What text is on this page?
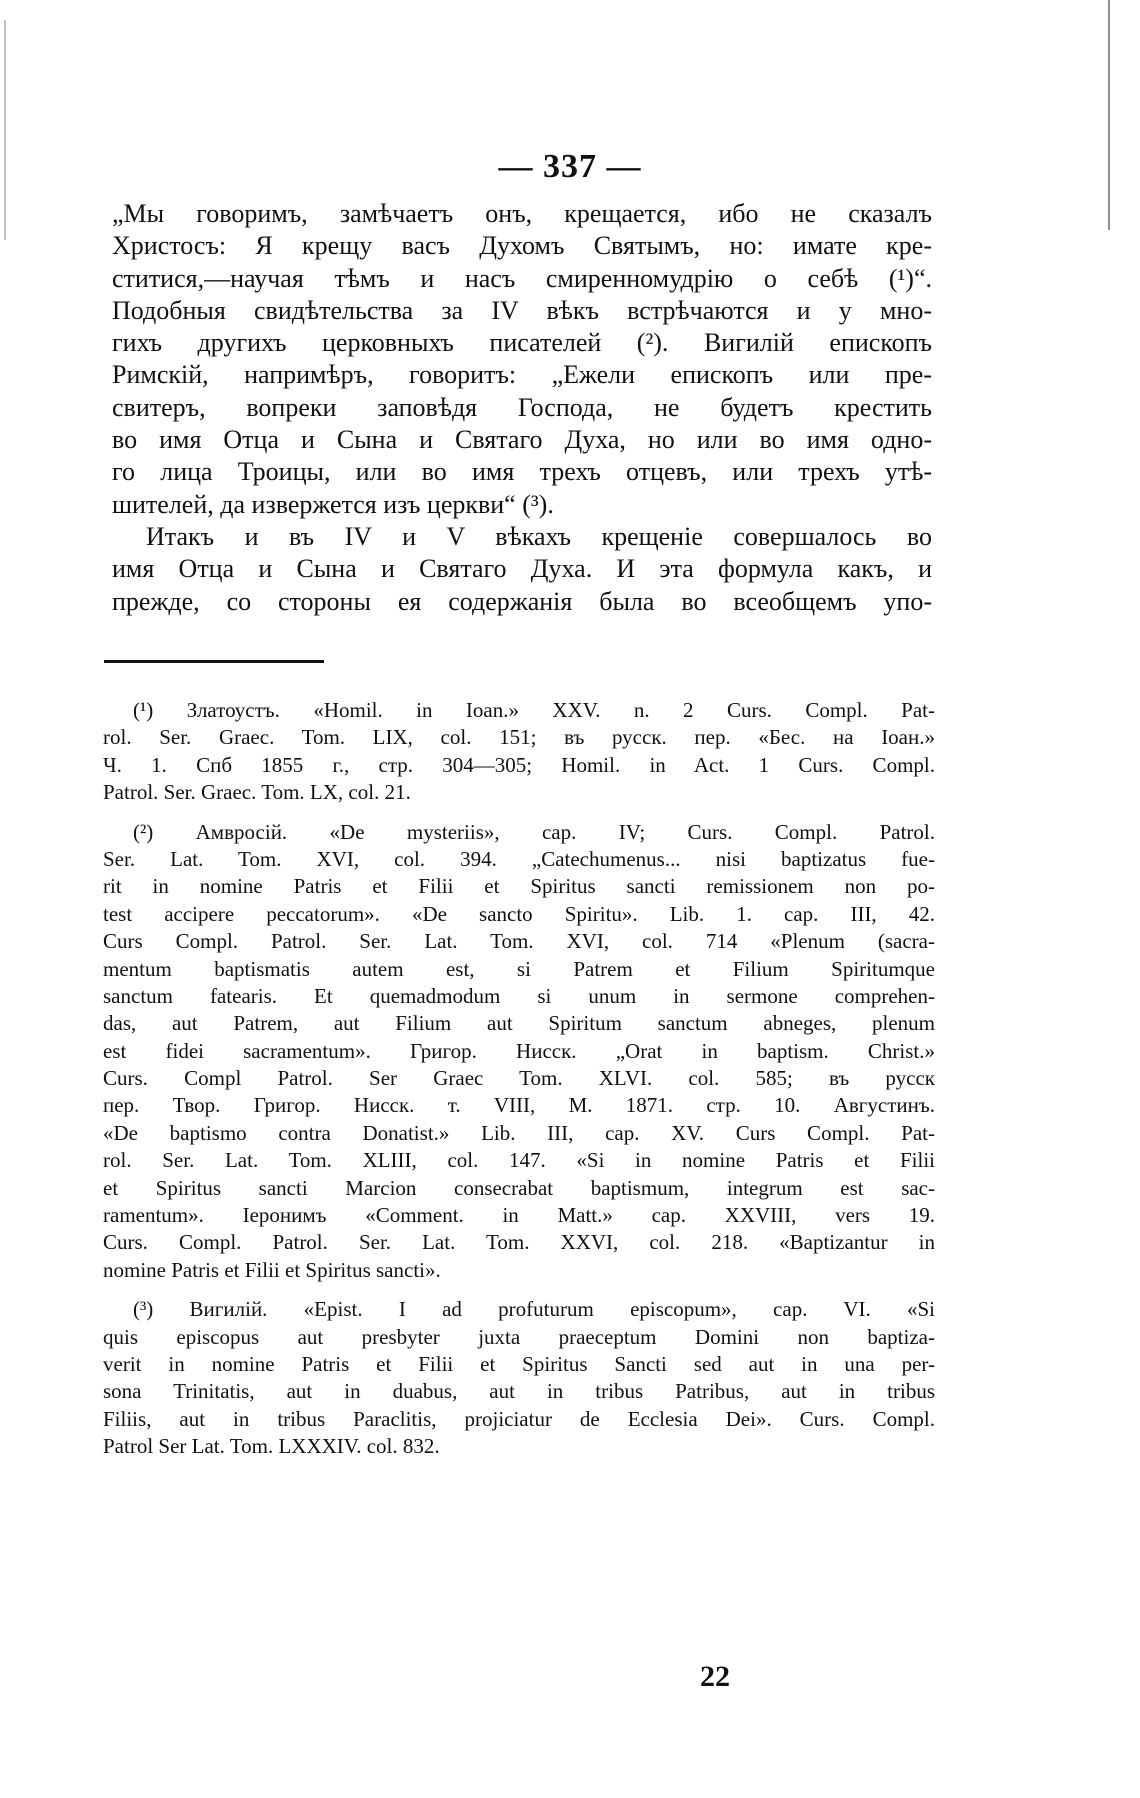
— 337 —
„Мы говоримъ, замѣчаетъ онъ, крещается, ибо не сказалъ
Христосъ: Я крещу васъ Духомъ Святымъ, но: имате кре-
ститися,—научая тѣмъ и насъ смиренномудрію о себѣ (¹)“.
Подобныя свидѣтельства за IV вѣкъ встрѣчаются и у мно-
гихъ другихъ церковныхъ писателей (²). Вигилій епископъ
Римскій, напримѣръ, говоритъ: „Ежели епископъ или пре-
свитеръ, вопреки заповѣдя Господа, не будетъ крестить
во имя Отца и Сына и Святаго Духа, но или во имя одно-
го лица Троицы, или во имя трехъ отцевъ, или трехъ утѣ-
шителей, да извержется изъ церкви“ (³).
Итакъ и въ IV и V вѣкахъ крещеніе совершалось во
имя Отца и Сына и Святаго Духа. И эта формула какъ, и
прежде, со стороны ея содержанія была во всеобщемъ упо-
(¹) Златоустъ. «Homil. in Ioan.» XXV. n. 2 Curs. Compl. Pat-
rol. Ser. Graec. Tom. LIX, col. 151; въ русск. пер. «Бес. на Іоан.»
Ч. 1. Спб 1855 г., стр. 304—305; Homil. in Act. 1 Curs. Compl.
Patrol. Ser. Graec. Tom. LX, col. 21.
(²) Амвросій. «De mysteriis», cap. IV; Curs. Compl. Patrol.
Ser. Lat. Tom. XVI, col. 394. „Catechumenus... nisi baptizatus fue-
rit in nomine Patris et Filii et Spiritus sancti remissionem non po-
test accipere peccatorum». «De sancto Spiritu». Lib. 1. cap. III, 42.
Curs Compl. Patrol. Ser. Lat. Tom. XVI, col. 714 «Plenum (sacra-
mentum baptismatis autem est, si Patrem et Filium Spiritumque
sanctum fatearis. Et quemadmodum si unum in sermone comprehen-
das, aut Patrem, aut Filium aut Spiritum sanctum abneges, plenum
est fidei sacramentum». Григор. Нисск. „Orat in baptism. Christ.»
Curs. Compl Patrol. Ser Graec Tom. XLVI. col. 585; въ русск
пер. Твор. Григор. Нисск. т. VIII, М. 1871. стр. 10. Августинъ.
«De baptismo contra Donatist.» Lib. III, cap. XV. Curs Compl. Pat-
rol. Ser. Lat. Tom. XLIII, col. 147. «Si in nomine Patris et Filii
et Spiritus sancti Marcion consecrabat baptismum, integrum est sac-
ramentum». Іеронимъ «Comment. in Matt.» cap. XXVIII, vers 19.
Curs. Compl. Patrol. Ser. Lat. Tom. XXVI, col. 218. «Baptizantur in
nomine Patris et Filii et Spiritus sancti».
(³) Вигилій. «Epist. I ad profuturum episcopum», cap. VI. «Si
quis episcopus aut presbyter juxta praeceptum Domini non baptiza-
verit in nomine Patris et Filii et Spiritus Sancti sed aut in una per-
sona Trinitatis, aut in duabus, aut in tribus Patribus, aut in tribus
Filiis, aut in tribus Paraclitis, projiciatur de Ecclesia Dei». Curs. Compl.
Patrol Ser Lat. Tom. LXXXIV. col. 832.
22
